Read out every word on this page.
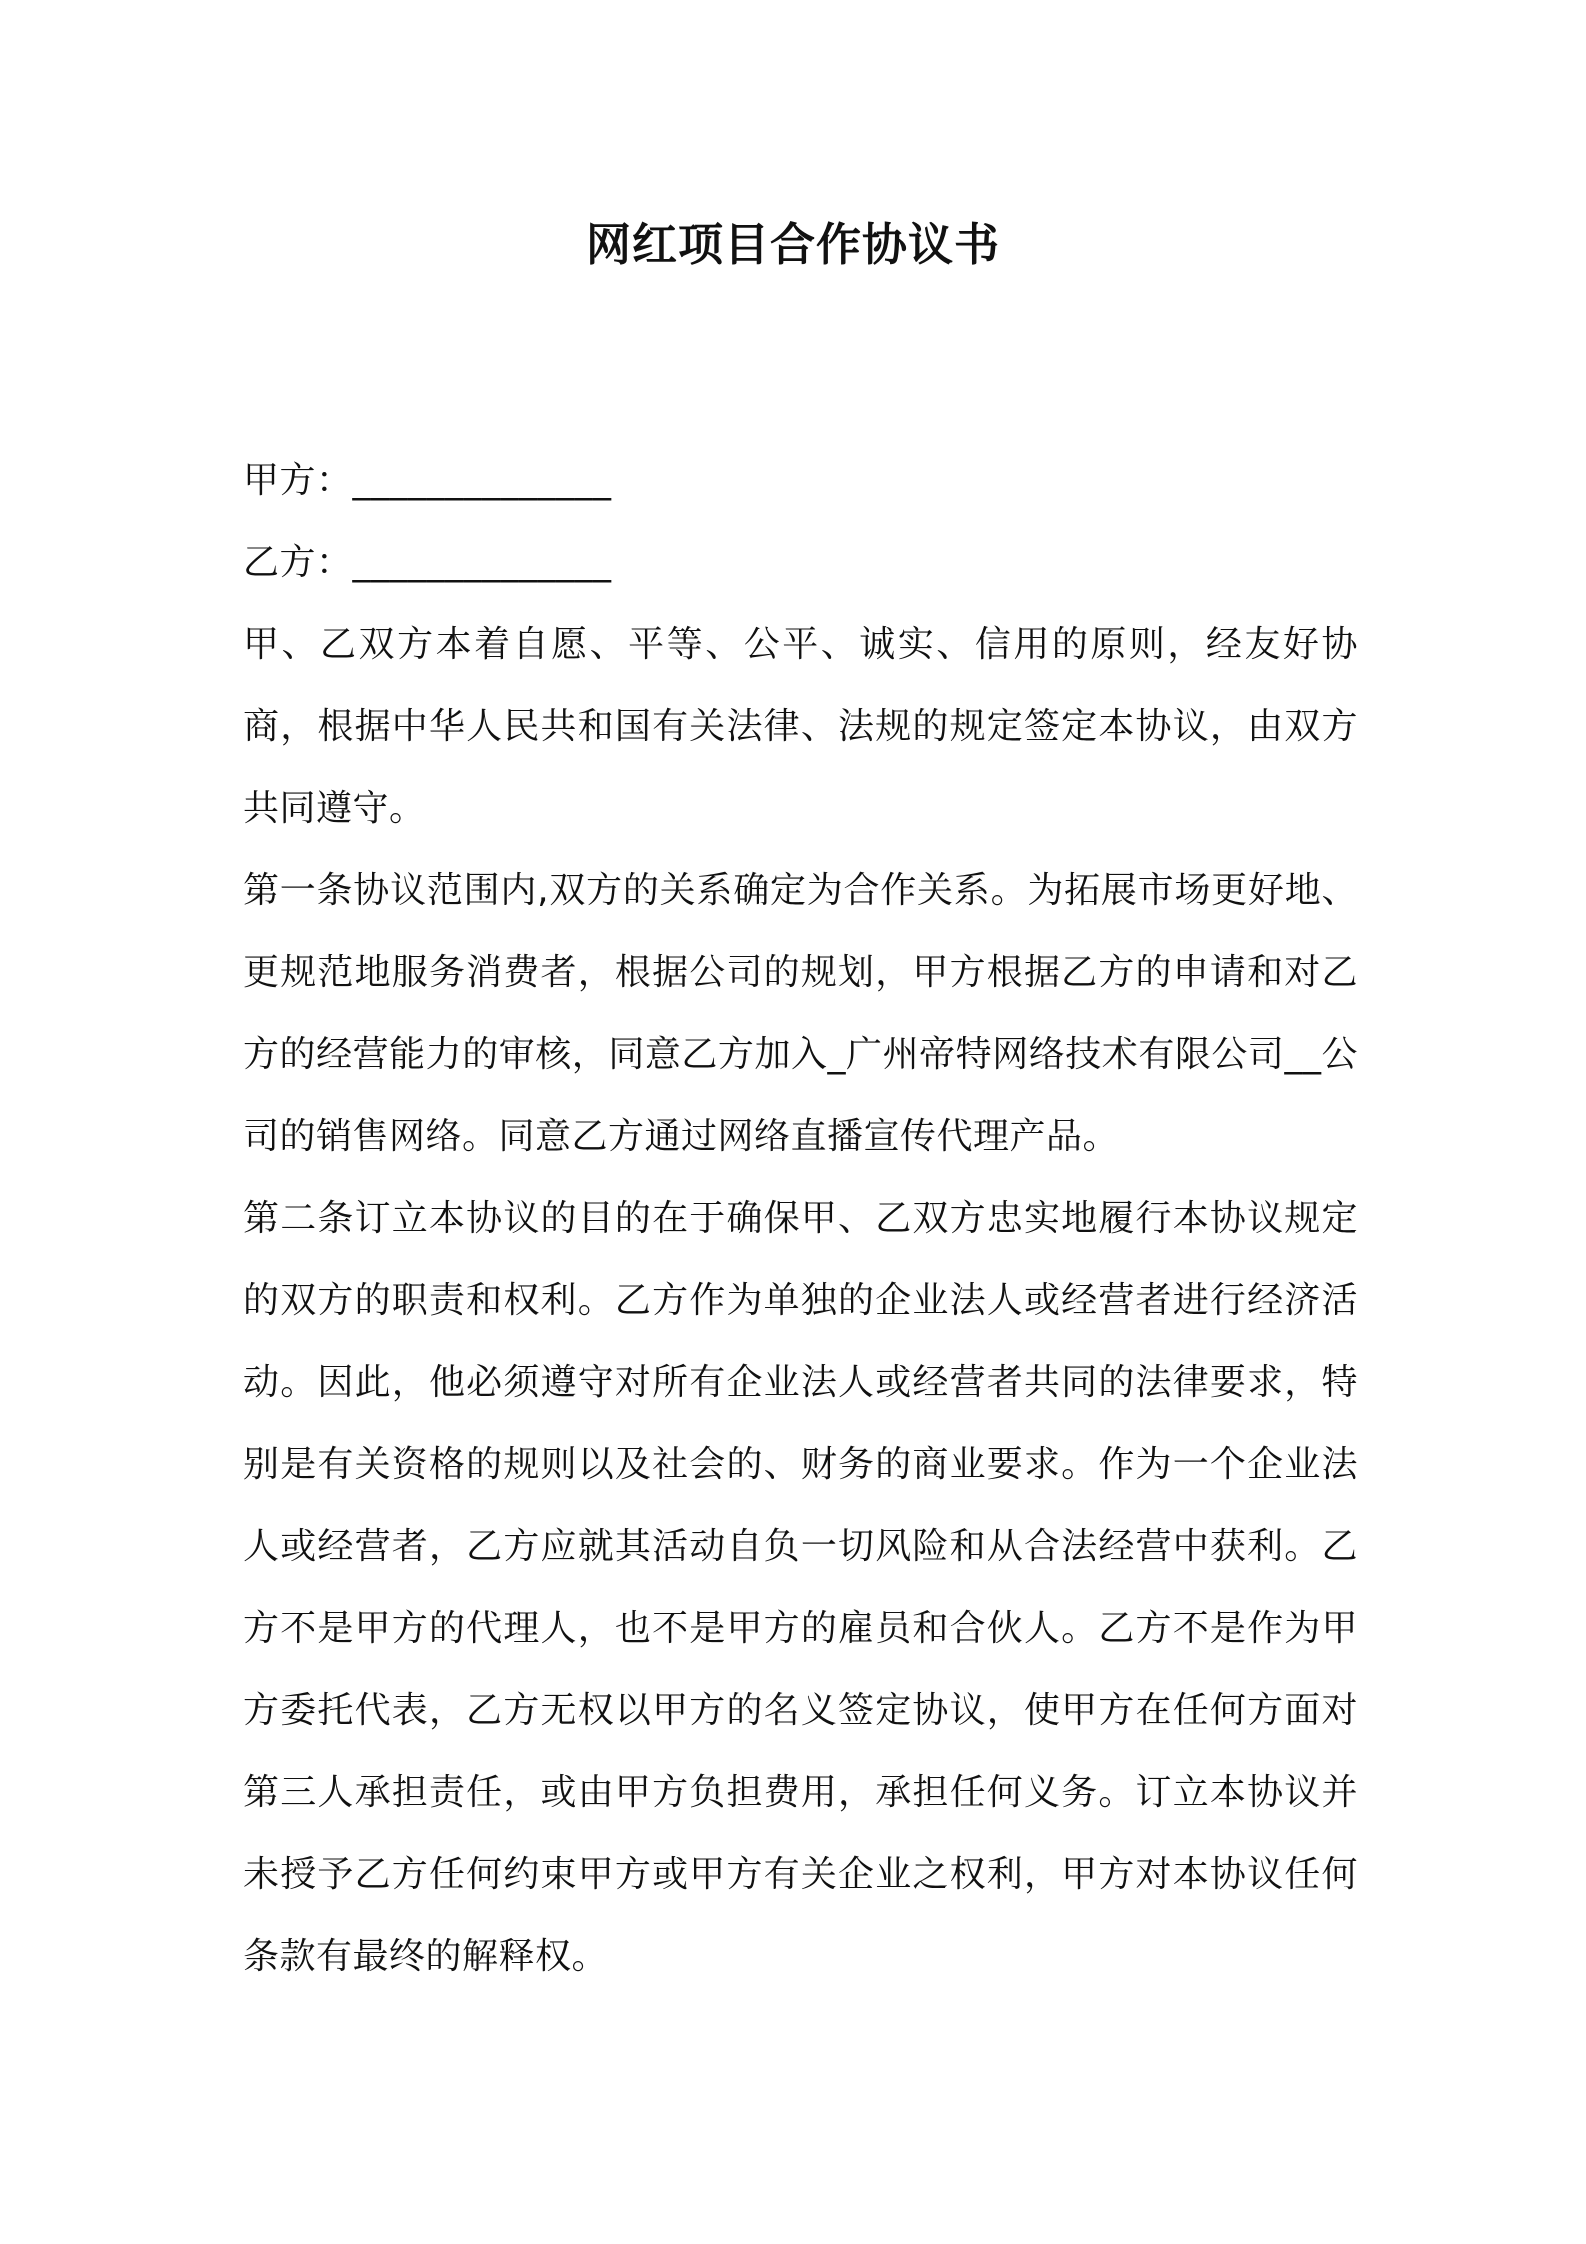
网红项目合作协议书
甲方：______________
乙方：______________

甲、乙双方本着自愿、平等、公平、诚实、信用的原则，经友好协商，根据中华人民共和国有关法律、法规的规定签定本协议，由双方共同遵守。

第一条协议范围内,双方的关系确定为合作关系。为拓展市场更好地、更规范地服务消费者，根据公司的规划，甲方根据乙方的申请和对乙方的经营能力的审核，同意乙方加入_广州帝特网络技术有限公司__公司的销售网络。同意乙方通过网络直播宣传代理产品。

第二条订立本协议的目的在于确保甲、乙双方忠实地履行本协议规定的双方的职责和权利。乙方作为单独的企业法人或经营者进行经济活动。因此，他必须遵守对所有企业法人或经营者共同的法律要求，特别是有关资格的规则以及社会的、财务的商业要求。作为一个企业法人或经营者，乙方应就其活动自负一切风险和从合法经营中获利。乙方不是甲方的代理人，也不是甲方的雇员和合伙人。乙方不是作为甲方委托代表，乙方无权以甲方的名义签定协议，使甲方在任何方面对第三人承担责任，或由甲方负担费用，承担任何义务。订立本协议并未授予乙方任何约束甲方或甲方有关企业之权利，甲方对本协议任何条款有最终的解释权。
